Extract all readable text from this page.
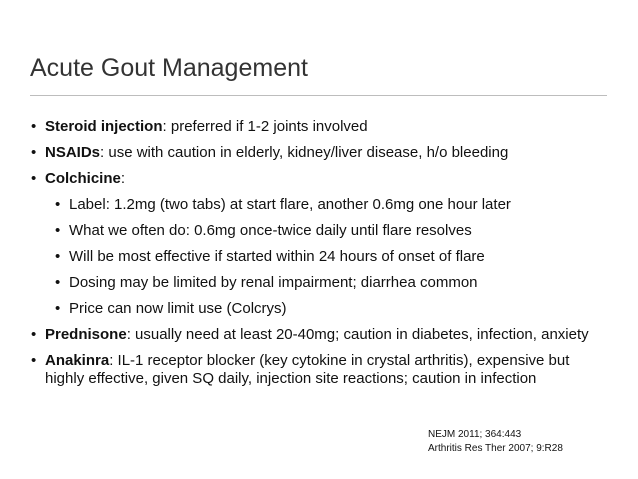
Acute Gout Management
• Steroid injection: preferred if 1-2 joints involved
• NSAIDs: use with caution in elderly, kidney/liver disease, h/o bleeding
• Colchicine:
• Label: 1.2mg (two tabs) at start flare, another 0.6mg one hour later
• What we often do: 0.6mg once-twice daily until flare resolves
• Will be most effective if started within 24 hours of onset of flare
• Dosing may be limited by renal impairment; diarrhea common
• Price can now limit use (Colcrys)
• Prednisone: usually need at least 20-40mg; caution in diabetes, infection, anxiety
• Anakinra: IL-1 receptor blocker (key cytokine in crystal arthritis), expensive but highly effective, given SQ daily, injection site reactions; caution in infection
NEJM 2011; 364:443
Arthritis Res Ther 2007; 9:R28
